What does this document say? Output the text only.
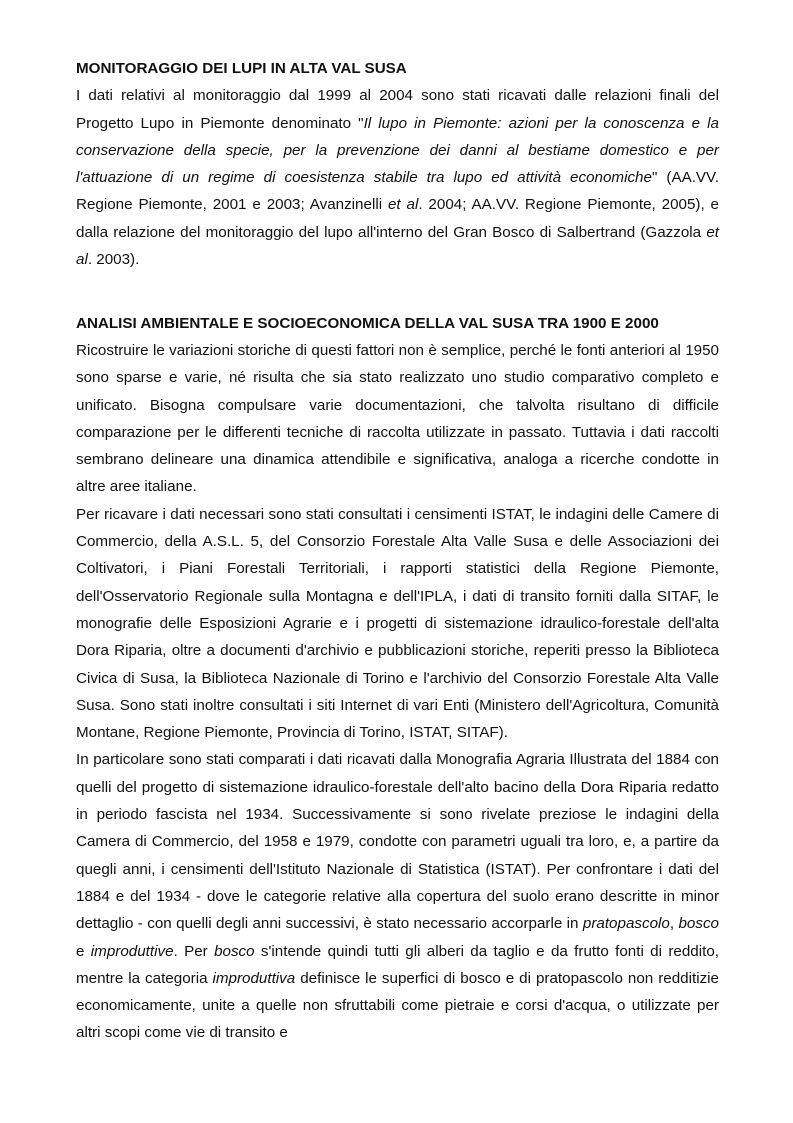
MONITORAGGIO DEI LUPI IN ALTA VAL SUSA

I dati relativi al monitoraggio dal 1999 al 2004 sono stati ricavati dalle relazioni finali del Progetto Lupo in Piemonte denominato "Il lupo in Piemonte: azioni per la conoscenza e la conservazione della specie, per la prevenzione dei danni al bestiame domestico e per l'attuazione di un regime di coesistenza stabile tra lupo ed attività economiche" (AA.VV. Regione Piemonte, 2001 e 2003; Avanzinelli et al. 2004; AA.VV. Regione Piemonte, 2005), e dalla relazione del monitoraggio del lupo all'interno del Gran Bosco di Salbertrand (Gazzola et al. 2003).

ANALISI AMBIENTALE E SOCIOECONOMICA DELLA VAL SUSA TRA 1900 E 2000

Ricostruire le variazioni storiche di questi fattori non è semplice, perché le fonti anteriori al 1950 sono sparse e varie, né risulta che sia stato realizzato uno studio comparativo completo e unificato. Bisogna compulsare varie documentazioni, che talvolta risultano di difficile comparazione per le differenti tecniche di raccolta utilizzate in passato. Tuttavia i dati raccolti sembrano delineare una dinamica attendibile e significativa, analoga a ricerche condotte in altre aree italiane.

Per ricavare i dati necessari sono stati consultati i censimenti ISTAT, le indagini delle Camere di Commercio, della A.S.L. 5, del Consorzio Forestale Alta Valle Susa e delle Associazioni dei Coltivatori, i Piani Forestali Territoriali, i rapporti statistici della Regione Piemonte, dell'Osservatorio Regionale sulla Montagna e dell'IPLA, i dati di transito forniti dalla SITAF, le monografie delle Esposizioni Agrarie e i progetti di sistemazione idraulico-forestale dell'alta Dora Riparia, oltre a documenti d'archivio e pubblicazioni storiche, reperiti presso la Biblioteca Civica di Susa, la Biblioteca Nazionale di Torino e l'archivio del Consorzio Forestale Alta Valle Susa. Sono stati inoltre consultati i siti Internet di vari Enti (Ministero dell'Agricoltura, Comunità Montane, Regione Piemonte, Provincia di Torino, ISTAT, SITAF).

In particolare sono stati comparati i dati ricavati dalla Monografia Agraria Illustrata del 1884 con quelli del progetto di sistemazione idraulico-forestale dell'alto bacino della Dora Riparia redatto in periodo fascista nel 1934. Successivamente si sono rivelate preziose le indagini della Camera di Commercio, del 1958 e 1979, condotte con parametri uguali tra loro, e, a partire da quegli anni, i censimenti dell'Istituto Nazionale di Statistica (ISTAT). Per confrontare i dati del 1884 e del 1934 - dove le categorie relative alla copertura del suolo erano descritte in minor dettaglio - con quelli degli anni successivi, è stato necessario accorparle in pratopascolo, bosco e improduttive. Per bosco s'intende quindi tutti gli alberi da taglio e da frutto fonti di reddito, mentre la categoria improduttiva definisce le superfici di bosco e di pratopascolo non redditizie economicamente, unite a quelle non sfruttabili come pietraie e corsi d'acqua, o utilizzate per altri scopi come vie di transito e
